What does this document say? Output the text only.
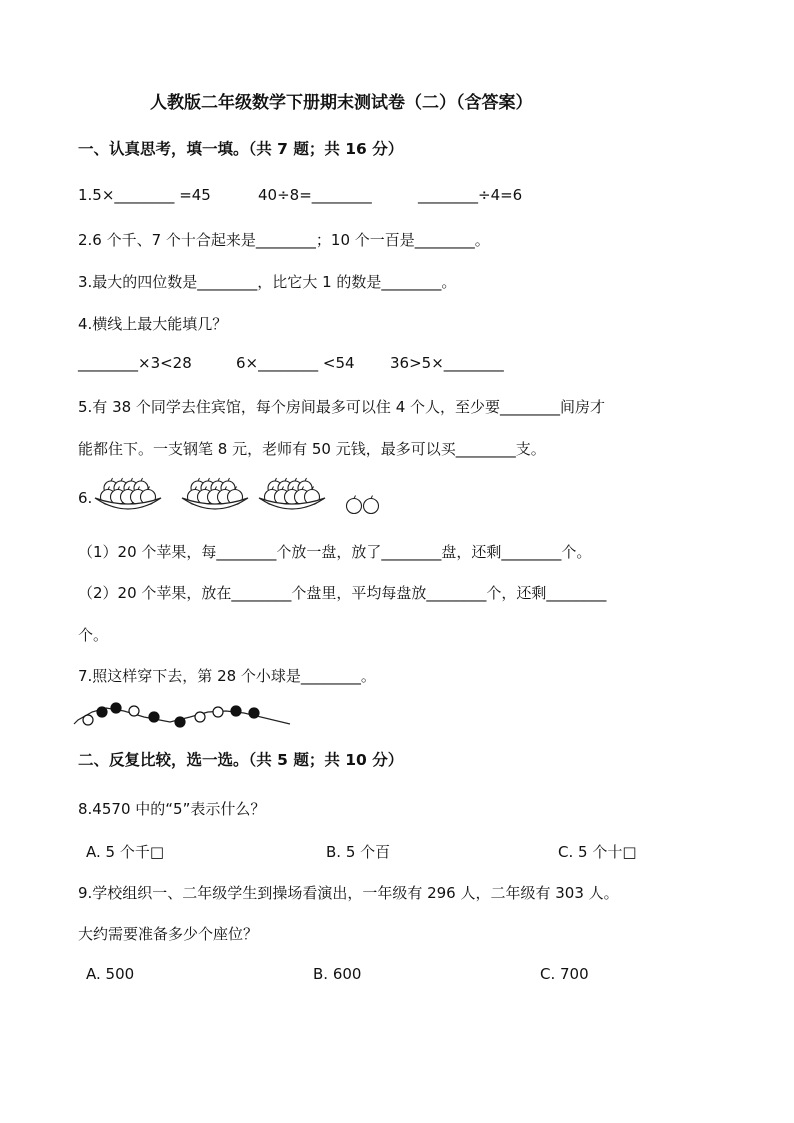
人教版二年级数学下册期末测试卷（二）（含答案）
一、认真思考，填一填。（共 7 题；共 16 分）
1.5×________ =45	40÷8=________	________÷4=6
2.6 个千、7 个十合起来是________；10 个一百是________。
3.最大的四位数是________，比它大 1 的数是________。
4.横线上最大能填几？
________×3<28	6×________ <54 36>5×________
5.有 38 个同学去住宾馆，每个房间最多可以住 4 个人，至少要________间房才
能都住下。一支钢笔 8 元，老师有 50 元钱，最多可以买________支。
6.
（1）20 个苹果，每________个放一盘，放了________盘，还剩________个。
（2）20 个苹果，放在________个盘里，平均每盘放________个，还剩________
个。
7.照这样穿下去，第 28 个小球是________。
二、反复比较，选一选。（共 5 题；共 10 分）
8.4570 中的“5”表示什么？
A. 5 个千□	B. 5 个百	C. 5 个十□
9.学校组织一、二年级学生到操场看演出，一年级有 296 人，二年级有 303 人。
大约需要准备多少个座位？
A. 500	B. 600	C. 700
